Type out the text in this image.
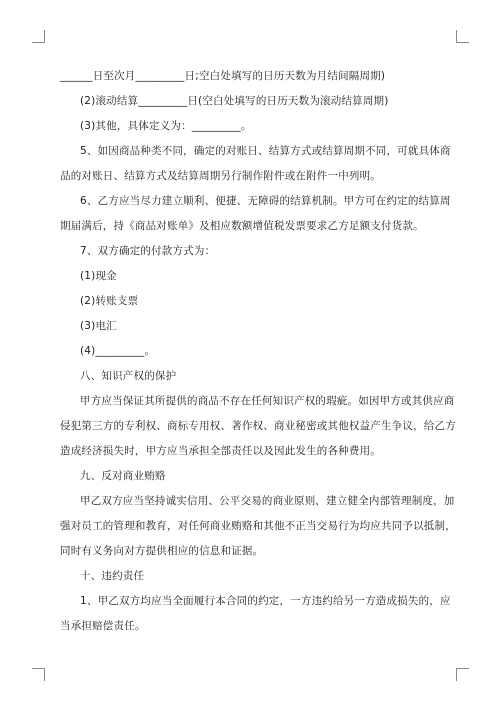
______日至次月_________日;空白处填写的日历天数为月结间隔周期)

(2)滚动结算_________日(空白处填写的日历天数为滚动结算周期)

(3)其他，具体定义为：_________。

5、如因商品种类不同，确定的对账日、结算方式或结算周期不同，可就具体商

品的对账日、结算方式及结算周期另行制作附件或在附件一中列明。

6、乙方应当尽力建立顺利、便捷、无障碍的结算机制。甲方可在约定的结算周

期届满后，持《商品对账单》及相应数额增值税发票要求乙方足额支付货款。

7、双方确定的付款方式为：

(1)现金

(2)转账支票

(3)电汇

(4)_________。

八、知识产权的保护

甲方应当保证其所提供的商品不存在任何知识产权的瑕疵。如因甲方或其供应商

侵犯第三方的专利权、商标专用权、著作权、商业秘密或其他权益产生争议，给乙方

造成经济损失时，甲方应当承担全部责任以及因此发生的各种费用。

九、反对商业贿赂

甲乙双方应当坚持诚实信用、公平交易的商业原则，建立健全内部管理制度，加

强对员工的管理和教育，对任何商业贿赂和其他不正当交易行为均应共同予以抵制，

同时有义务向对方提供相应的信息和证据。

十、违约责任

1、甲乙双方均应当全面履行本合同的约定，一方违约给另一方造成损失的，应

当承担赔偿责任。
